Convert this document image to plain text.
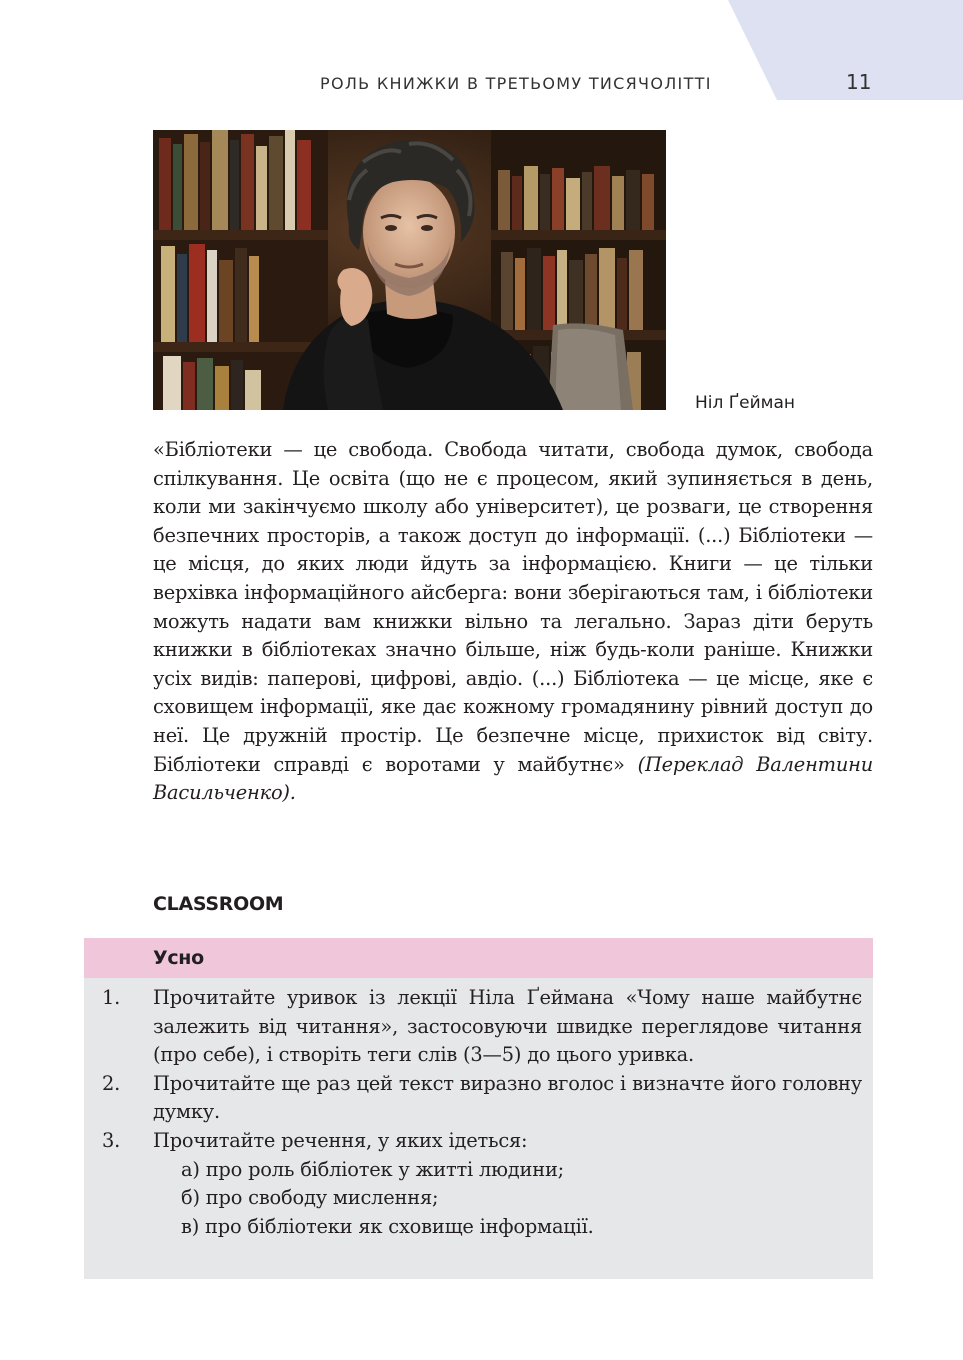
РОЛЬ КНИЖКИ В ТРЕТЬОМУ ТИСЯЧОЛІТТІ	11
Ніл Ґейман

«Бібліотеки — це свобода. Свобода читати, свобода думок, свобода спілкування. Це освіта (що не є процесом, який зупиняється в день, коли ми закінчуємо школу або університет), це розваги, це створення безпечних просторів, а також доступ до інформації. (...) Бібліотеки — це місця, до яких люди йдуть за інформацією. Книги — це тільки верхівка інформаційного айсберга: вони зберігаються там, і бібліотеки можуть надати вам книжки вільно та легально. Зараз діти беруть книжки в бібліотеках значно більше, ніж будь-коли раніше. Книжки усіх видів: паперові, цифрові, авдіо. (...) Бібліотека — це місце, яке є сховищем інформації, яке дає кожному громадянину рівний доступ до неї. Це дружній простір. Це безпечне місце, прихисток від світу. Бібліотеки справді є воротами у майбутнє» (Переклад Валентини Васильченко).

CLASSROOM
Усно
1. Прочитайте уривок із лекції Ніла Ґеймана «Чому наше майбутнє залежить від читання», застосовуючи швидке переглядове читання (про себе), і створіть теги слів (3—5) до цього уривка.
2. Прочитайте ще раз цей текст виразно вголос і визначте його головну думку.
3. Прочитайте речення, у яких ідеться:
а) про роль бібліотек у житті людини;
б) про свободу мислення;
в) про бібліотеки як сховище інформації.
